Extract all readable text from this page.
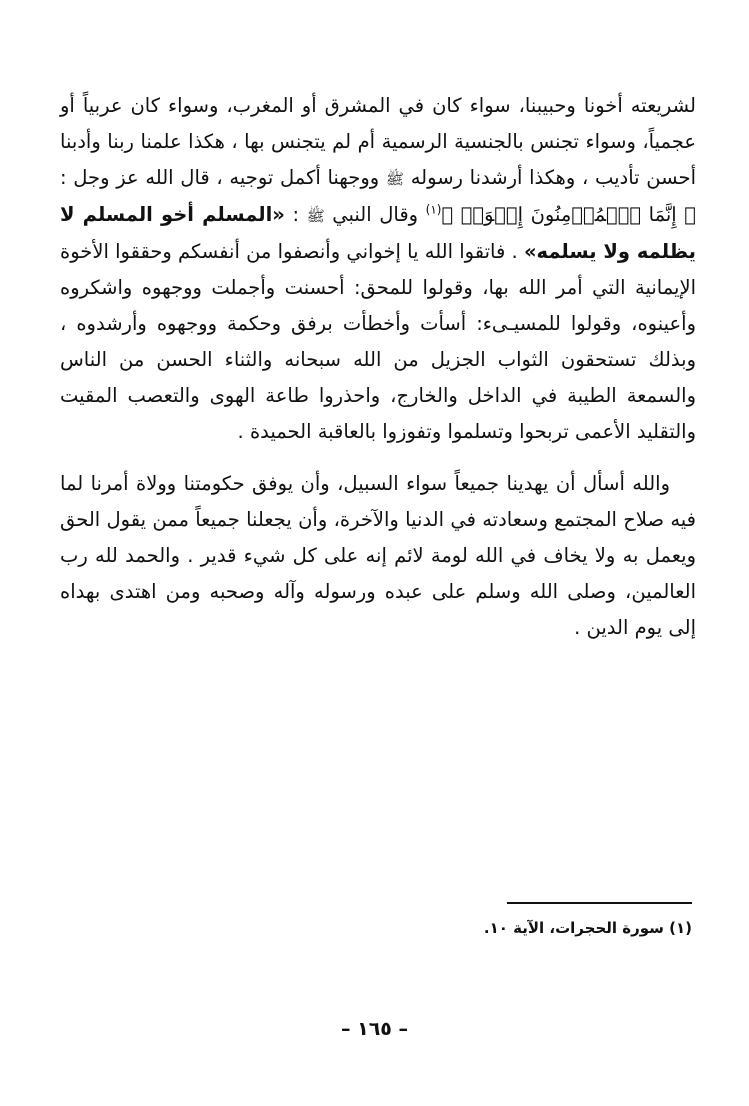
لشريعته أخونا وحبيبنا، سواء كان في المشرق أو المغرب، وسواء كان عربياً أو عجمياً، وسواء تجنس بالجنسية الرسمية أم لم يتجنس بها ، هكذا علمنا ربنا وأدبنا أحسن تأديب ، وهكذا أرشدنا رسوله ﷺ ووجهنا أكمل توجيه ، قال الله عز وجل : ﴿ إِنَّمَا ٱلۡمُؤۡمِنُونَ إِخۡوَةٞ ﴾$^{(١)}$ وقال النبي ﷺ : «المسلم أخو المسلم لا يظلمه ولا يسلمه» . فاتقوا الله يا إخواني وأنصفوا من أنفسكم وحققوا الأخوة الإيمانية التي أمر الله بها، وقولوا للمحق: أحسنت وأجملت ووجهوه واشكروه وأعينوه، وقولوا للمسيـىء: أسأت وأخطأت برفق وحكمة ووجهوه وأرشدوه ، وبذلك تستحقون الثواب الجزيل من الله سبحانه والثناء الحسن من الناس والسمعة الطيبة في الداخل والخارج، واحذروا طاعة الهوى والتعصب المقيت والتقليد الأعمى تربحوا وتسلموا وتفوزوا بالعاقبة الحميدة .

والله أسأل أن يهدينا جميعاً سواء السبيل، وأن يوفق حكومتنا وولاة أمرنا لما فيه صلاح المجتمع وسعادته في الدنيا والآخرة، وأن يجعلنا جميعاً ممن يقول الحق ويعمل به ولا يخاف في الله لومة لائم إنه على كل شيء قدير . والحمد لله رب العالمين، وصلى الله وسلم على عبده ورسوله وآله وصحبه ومن اهتدى بهداه إلى يوم الدين .

(١) سورة الحجرات، الآية ١٠.
– ١٦٥ –
